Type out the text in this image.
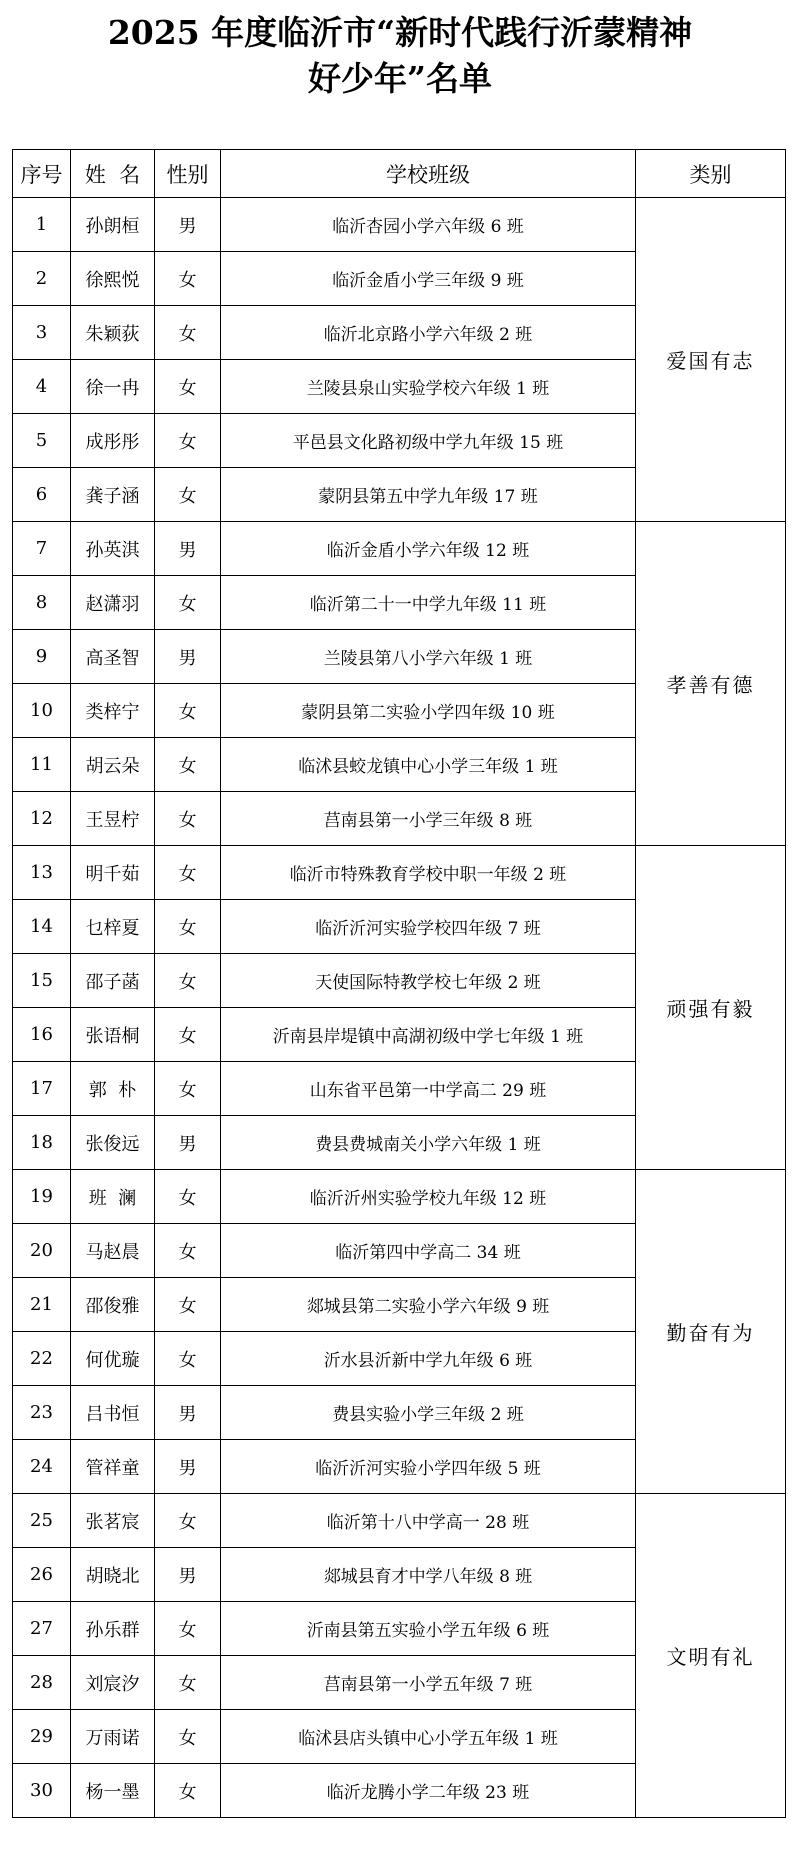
2025 年度临沂市“新时代践行沂蒙精神
好少年”名单
序号	姓  名	性别	学校班级	类别
1	孙朗桓	男	临沂杏园小学六年级 6 班	爱国有志
2	徐熙悦	女	临沂金盾小学三年级 9 班	
3	朱颖荻	女	临沂北京路小学六年级 2 班	
4	徐一冉	女	兰陵县泉山实验学校六年级 1 班	
5	成彤彤	女	平邑县文化路初级中学九年级 15 班	
6	龚子涵	女	蒙阴县第五中学九年级 17 班	
7	孙英淇	男	临沂金盾小学六年级 12 班	孝善有德
8	赵潇羽	女	临沂第二十一中学九年级 11 班	
9	高圣智	男	兰陵县第八小学六年级 1 班	
10	类梓宁	女	蒙阴县第二实验小学四年级 10 班	
11	胡云朵	女	临沭县蛟龙镇中心小学三年级 1 班	
12	王昱柠	女	莒南县第一小学三年级 8 班	
13	明千茹	女	临沂市特殊教育学校中职一年级 2 班	顽强有毅
14	乜梓夏	女	临沂沂河实验学校四年级 7 班	
15	邵子菡	女	天使国际特教学校七年级 2 班	
16	张语桐	女	沂南县岸堤镇中高湖初级中学七年级 1 班	
17	郭  朴	女	山东省平邑第一中学高二 29 班	
18	张俊远	男	费县费城南关小学六年级 1 班	
19	班  澜	女	临沂沂州实验学校九年级 12 班	勤奋有为
20	马赵晨	女	临沂第四中学高二 34 班	
21	邵俊雅	女	郯城县第二实验小学六年级 9 班	
22	何优璇	女	沂水县沂新中学九年级 6 班	
23	吕书恒	男	费县实验小学三年级 2 班	
24	管祥童	男	临沂沂河实验小学四年级 5 班	
25	张茗宸	女	临沂第十八中学高一 28 班	文明有礼
26	胡晓北	男	郯城县育才中学八年级 8 班	
27	孙乐群	女	沂南县第五实验小学五年级 6 班	
28	刘宸汐	女	莒南县第一小学五年级 7 班	
29	万雨诺	女	临沭县店头镇中心小学五年级 1 班	
30	杨一墨	女	临沂龙腾小学二年级 23 班	
